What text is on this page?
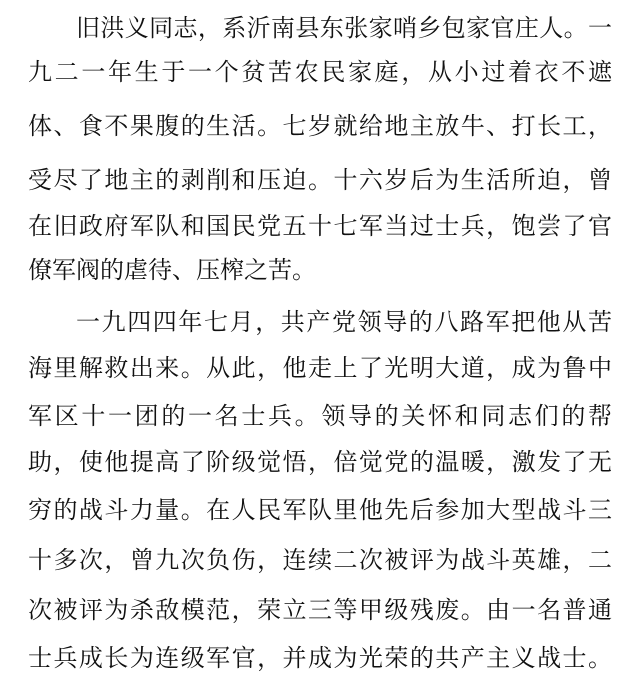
旧洪义同志，系沂南县东张家哨乡包家官庄人。一
九二一年生于一个贫苦农民家庭，从小过着衣不遮
体、食不果腹的生活。七岁就给地主放牛、打长工，
受尽了地主的剥削和压迫。十六岁后为生活所迫，曾
在旧政府军队和国民党五十七军当过士兵，饱尝了官
僚军阀的虐待、压榨之苦。
一九四四年七月，共产党领导的八路军把他从苦
海里解救出来。从此，他走上了光明大道，成为鲁中
军区十一团的一名士兵。领导的关怀和同志们的帮
助，使他提高了阶级觉悟，倍觉党的温暖，激发了无
穷的战斗力量。在人民军队里他先后参加大型战斗三
十多次，曾九次负伤，连续二次被评为战斗英雄，二
次被评为杀敌模范，荣立三等甲级残废。由一名普通
士兵成长为连级军官，并成为光荣的共产主义战士。
